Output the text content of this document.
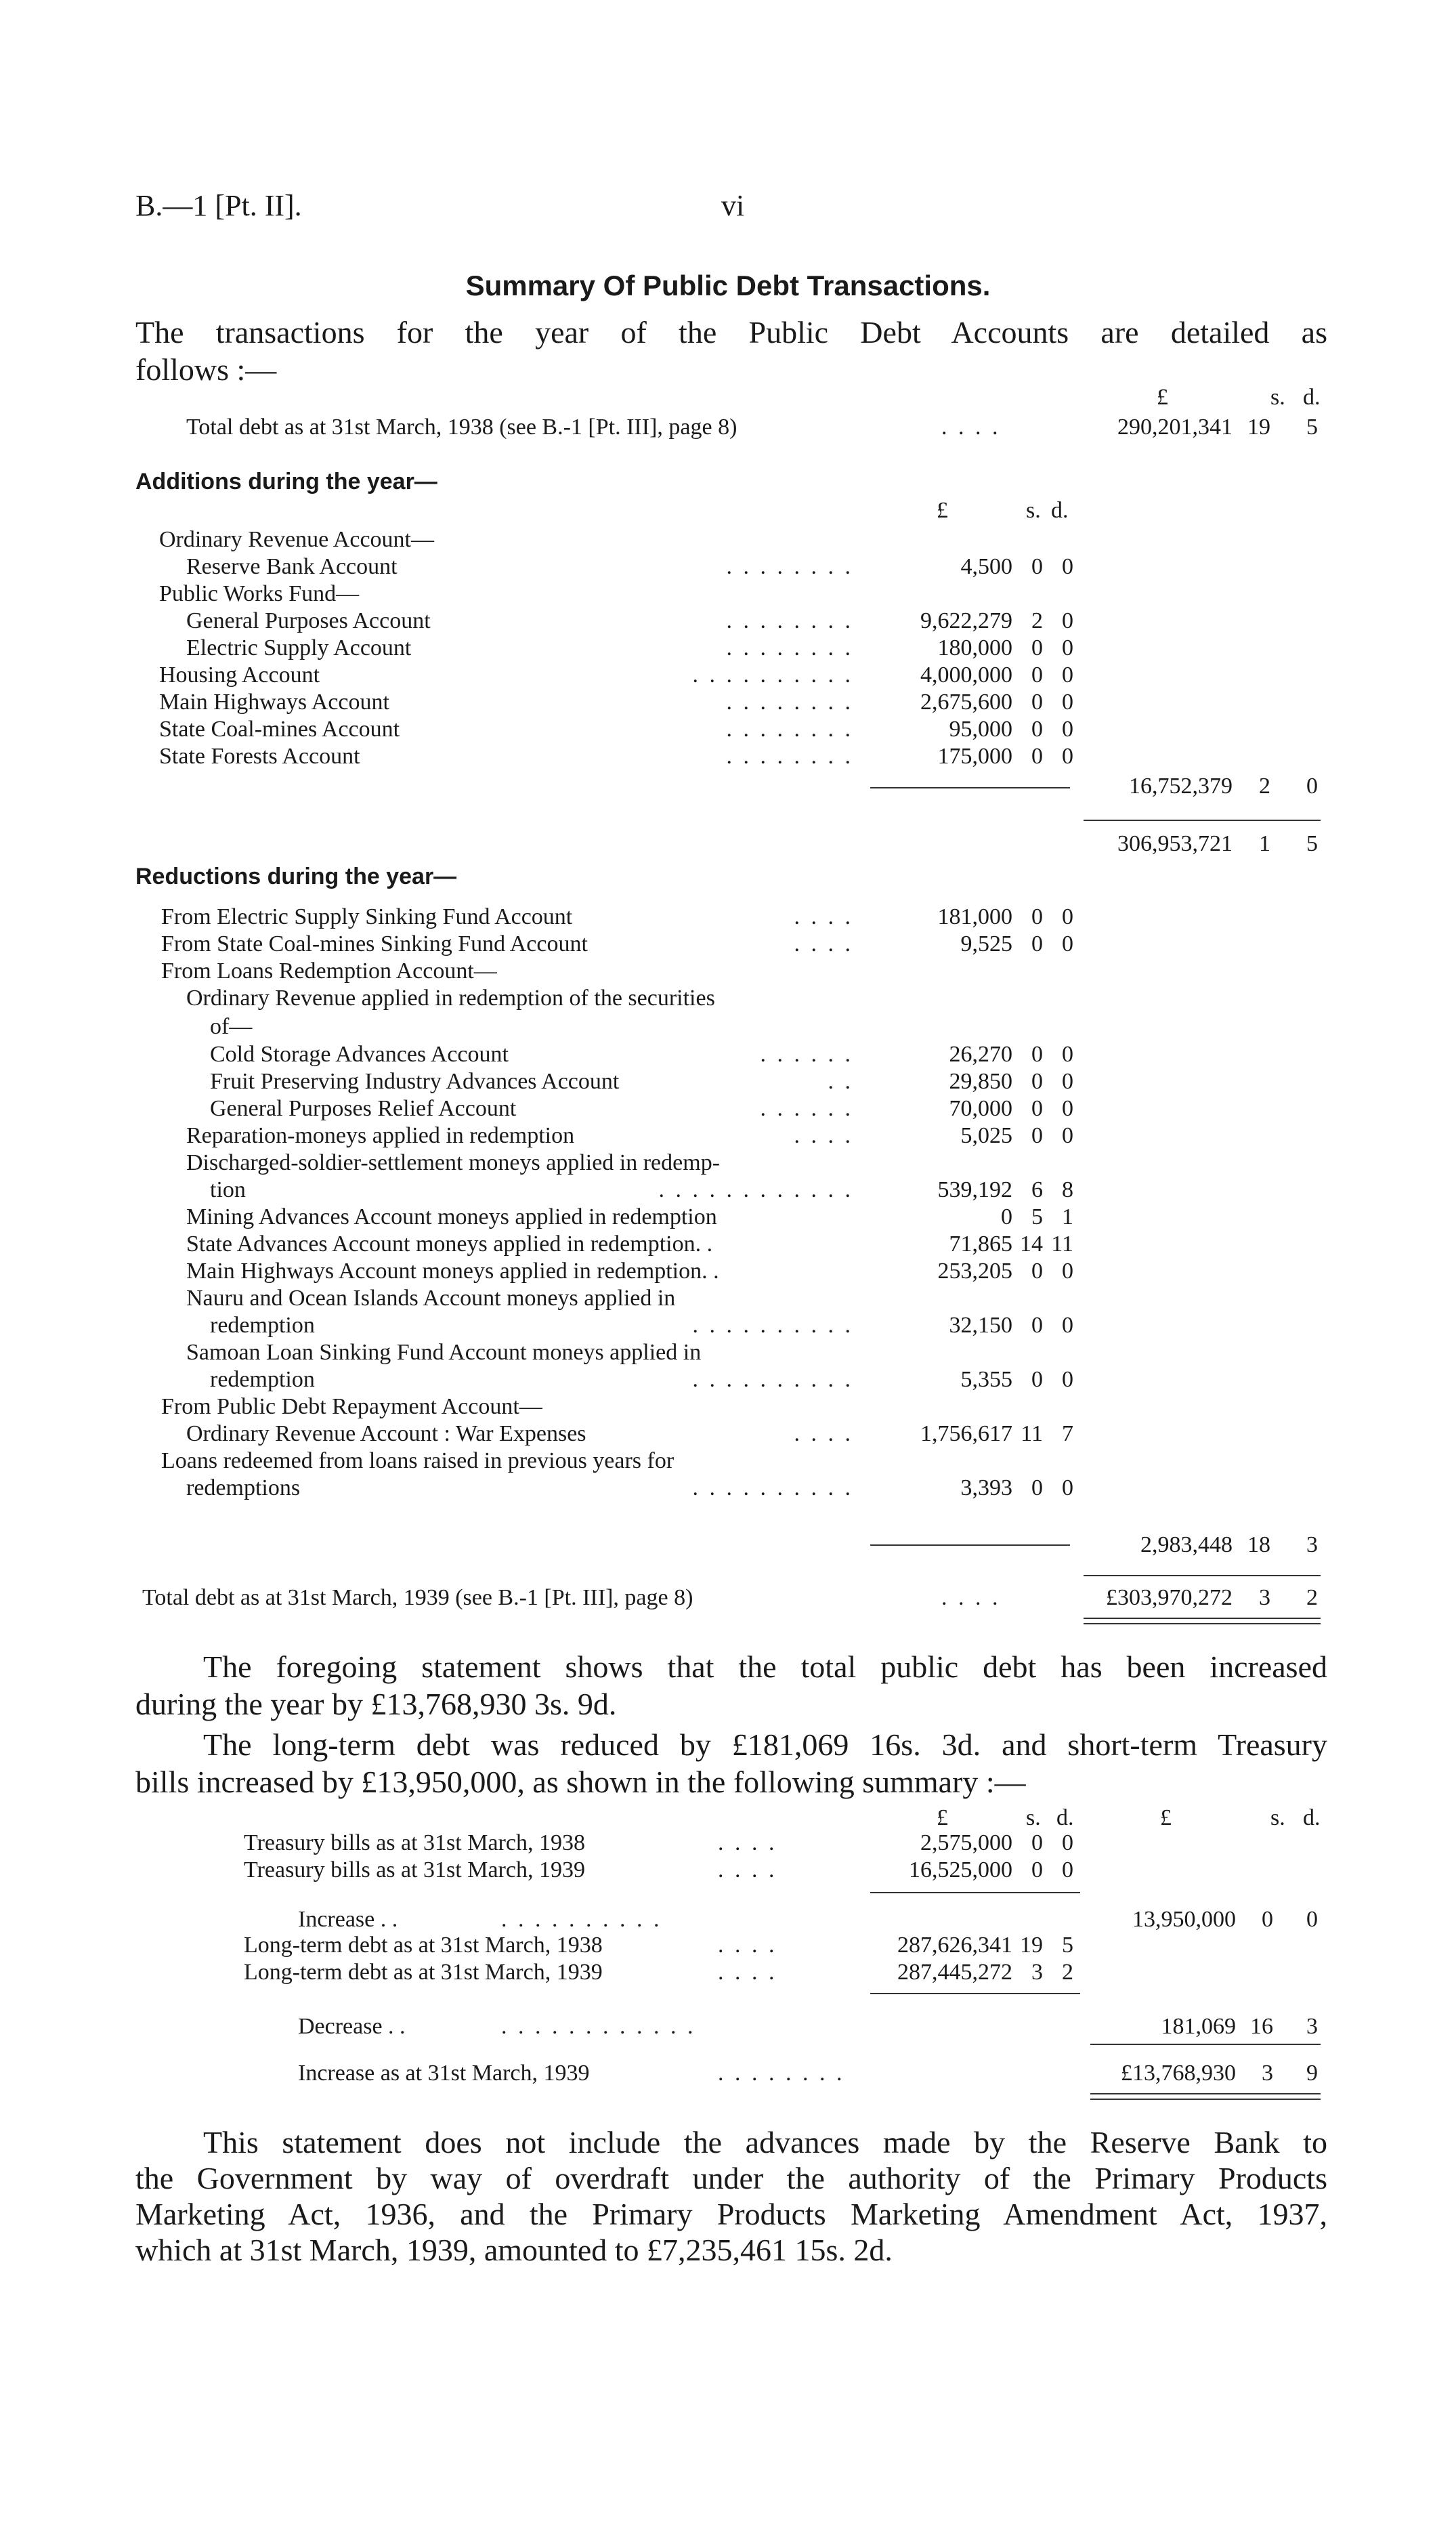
B.—1 [Pt. II].	vi
Summary Of Public Debt Transactions.
The transactions for the year of the Public Debt Accounts are detailed as
follows :—
£	s. d.
Total debt as at 31st March, 1938 (see B.-1 [Pt. III], page 8)	. . . .	290,201,341 19	5
Additions during the year—
£	s. d.
Ordinary Revenue Account—
Reserve Bank Account	. . . . . . . .	4,500 0 0
Public Works Fund—
General Purposes Account	. . . . . . . .	9,622,279 2 0
Electric Supply Account	. . . . . . . .	180,000 0 0
Housing Account	. . . . . . . . . .	4,000,000 0 0
Main Highways Account	. . . . . . . .	2,675,600 0 0
State Coal-mines Account	. . . . . . . .	95,000 0 0
State Forests Account	. . . . . . . .	175,000 0 0
16,752,379	2	0
306,953,721	1	5
Reductions during the year—
From Electric Supply Sinking Fund Account	. . . .	181,000 0 0
From State Coal-mines Sinking Fund Account	. . . .	9,525 0 0
From Loans Redemption Account—
Ordinary Revenue applied in redemption of the securities
of—
Cold Storage Advances Account	. . . . . .	26,270 0 0
Fruit Preserving Industry Advances Account	. .	29,850 0 0
General Purposes Relief Account	. . . . . .	70,000 0 0
Reparation-moneys applied in redemption	. . . .	5,025 0 0
Discharged-soldier-settlement moneys applied in redemp-
tion	. . . . . . . . . . . .	539,192 6 8
Mining Advances Account moneys applied in redemption	0 5 1
State Advances Account moneys applied in redemption. .	71,865 14 11
Main Highways Account moneys applied in redemption. .	253,205 0 0
Nauru and Ocean Islands Account moneys applied in
redemption	. . . . . . . . . .	32,150 0 0
Samoan Loan Sinking Fund Account moneys applied in
redemption	. . . . . . . . . .	5,355 0 0
From Public Debt Repayment Account—
Ordinary Revenue Account : War Expenses	. . . .	1,756,617 11 7
Loans redeemed from loans raised in previous years for
redemptions	. . . . . . . . . .	3,393 0 0
2,983,448 18	3
Total debt as at 31st March, 1939 (see B.-1 [Pt. III], page 8)	. . . .	£303,970,272	3	2
The foregoing statement shows that the total public debt has been increased
during the year by £13,768,930 3s. 9d.
The long-term debt was reduced by £181,069 16s. 3d. and short-term Treasury
bills increased by £13,950,000, as shown in the following summary :—
£	s. d.	£	s. d.
Treasury bills as at 31st March, 1938	. . . .	2,575,000 0 0
Treasury bills as at 31st March, 1939	. . . .	16,525,000 0 0
Increase . .	. . . . . . . . . .	13,950,000	0	0
Long-term debt as at 31st March, 1938	. . . .	287,626,341 19 5
Long-term debt as at 31st March, 1939	. . . .	287,445,272 3 2
Decrease . .	. . . . . . . . . . . .	181,069 16	3
Increase as at 31st March, 1939	. . . . . . . .	£13,768,930	3	9
This statement does not include the advances made by the Reserve Bank to
the Government by way of overdraft under the authority of the Primary Products
Marketing Act, 1936, and the Primary Products Marketing Amendment Act, 1937,
which at 31st March, 1939, amounted to £7,235,461 15s. 2d.
